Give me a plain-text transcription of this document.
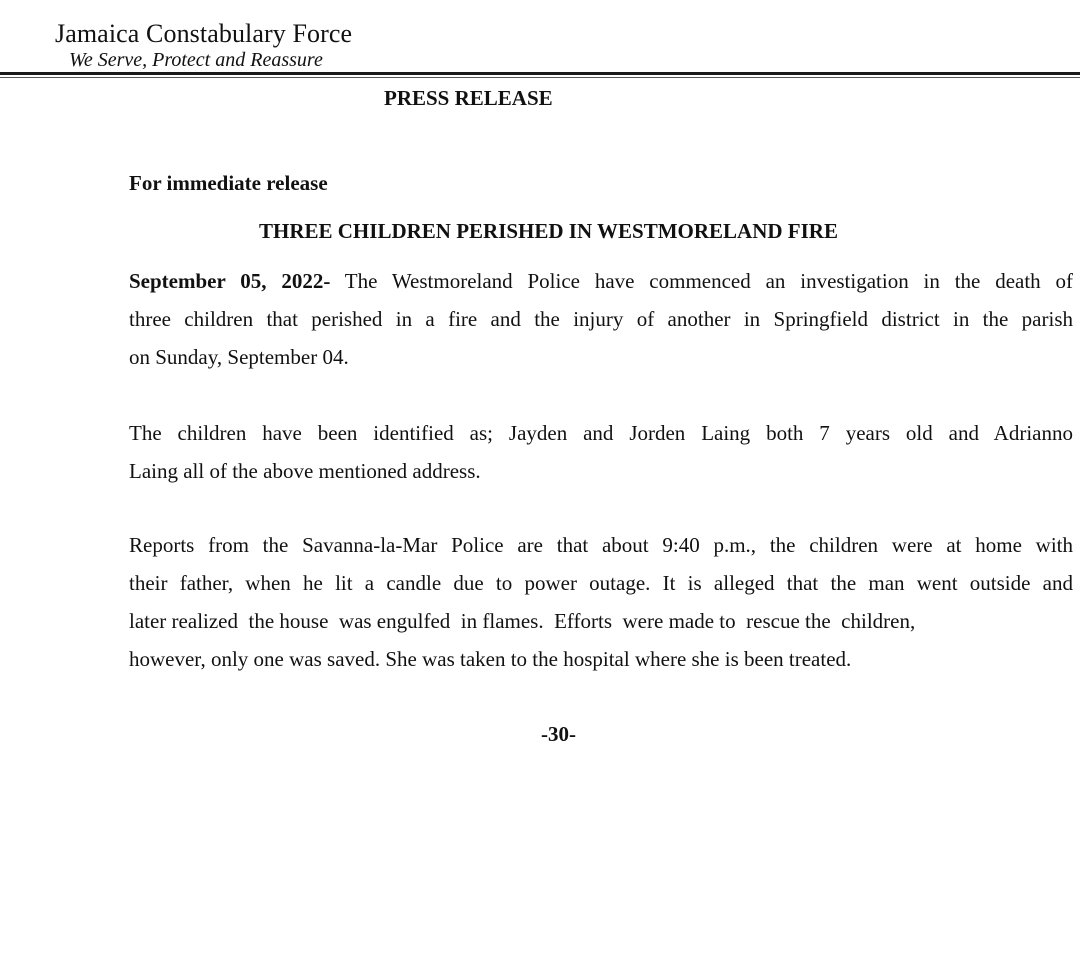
Jamaica Constabulary Force
We Serve, Protect and Reassure
PRESS RELEASE
For immediate release
THREE CHILDREN PERISHED IN WESTMORELAND FIRE
September 05, 2022- The Westmoreland Police have commenced an investigation in the death of
three children that perished in a fire and the injury of another in Springfield district in the parish
on Sunday, September 04.
The children have been identified as; Jayden and Jorden Laing both 7 years old and Adrianno
Laing all of the above mentioned address.
Reports from the Savanna-la-Mar Police are that about 9:40 p.m., the children were at home with
their father, when he lit a candle due to power outage. It is alleged that the man went outside and
later realized  the house  was engulfed  in flames.  Efforts  were made to  rescue the  children,
however, only one was saved. She was taken to the hospital where she is been treated.
-30-
